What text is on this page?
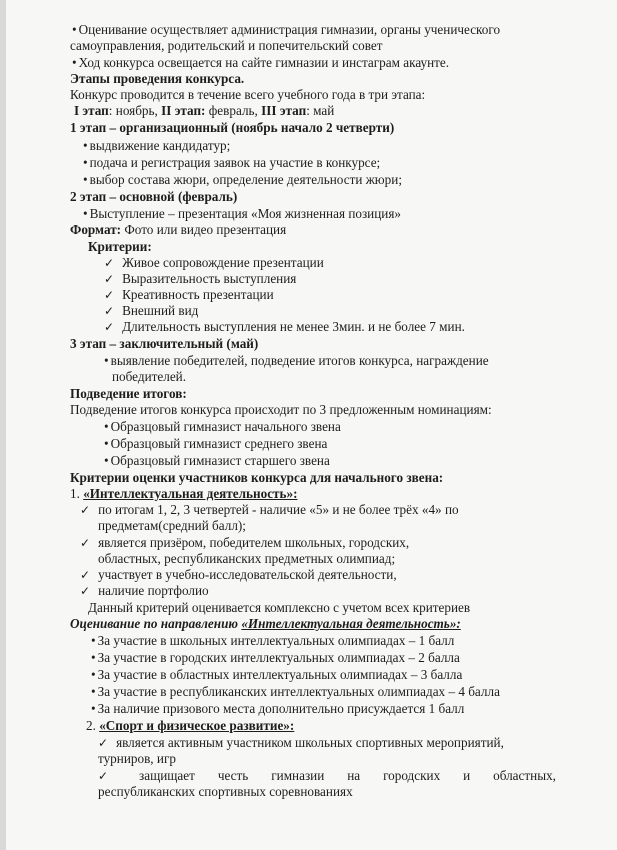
• Оценивание осуществляет администрация гимназии, органы ученического
самоуправления, родительский и попечительский совет
• Ход конкурса освещается на сайте гимназии и инстаграм акаунте.
Этапы проведения конкурса.
Конкурс проводится в течение всего учебного года в три этапа:
I этап: ноябрь, II этап: февраль, III этап: май
1 этап – организационный (ноябрь начало 2 четверти)
• выдвижение кандидатур;
• подача и регистрация заявок на участие в конкурсе;
• выбор состава жюри, определение деятельности жюри;
2 этап – основной (февраль)
• Выступление – презентация «Моя жизненная позиция»
Формат: Фото или видео презентация
Критерии:
✓ Живое сопровождение презентации
✓ Выразительность выступления
✓ Креативность презентации
✓ Внешний вид
✓ Длительность выступления не менее 3мин. и не более 7 мин.
3 этап – заключительный (май)
• выявление победителей, подведение итогов конкурса, награждение
победителей.
Подведение итогов:
Подведение итогов конкурса происходит по 3 предложенным номинациям:
• Образцовый гимназист начального звена
• Образцовый гимназист среднего звена
• Образцовый гимназист старшего звена
Критерии оценки участников конкурса для начального звена:
1. «Интеллектуальная деятельность»:
✓ по итогам 1, 2, 3 четвертей - наличие «5» и не более трёх «4» по
предметам(средний балл);
✓ является призёром, победителем школьных, городских,
областных, республиканских предметных олимпиад;
✓ участвует в учебно-исследовательской деятельности,
✓ наличие портфолио
Данный критерий оценивается комплексно с учетом всех критериев
Оценивание по направлению «Интеллектуальная деятельность»:
• За участие в школьных интеллектуальных олимпиадах – 1 балл
• За участие в городских интеллектуальных олимпиадах – 2 балла
• За участие в областных интеллектуальных олимпиадах – 3 балла
• За участие в республиканских интеллектуальных олимпиадах – 4 балла
• За наличие призового места дополнительно присуждается 1 балл
2. «Спорт и физическое развитие»:
✓ является активным участником школьных спортивных мероприятий,
турниров, игр
✓ защищает честь гимназии на городских и областных,
республиканских спортивных соревнованиях
